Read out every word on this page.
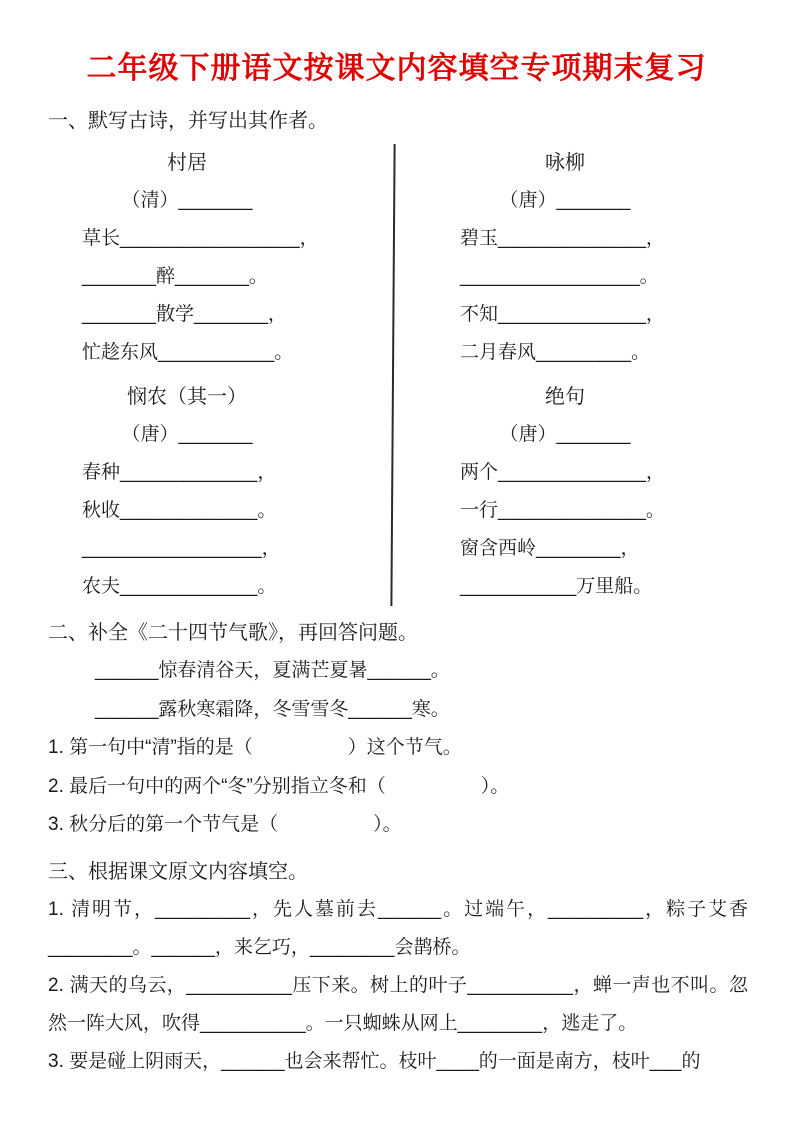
二年级下册语文按课文内容填空专项期末复习
一、默写古诗，并写出其作者。
村居
（清）_______
草长_________________，
_______醉_______。
_______散学_______，
忙趁东风___________。
悯农（其一）
（唐）_______
春种_____________，
秋收_____________。
_________________，
农夫_____________。
咏柳
（唐）_______
碧玉______________，
_________________。
不知______________，
二月春风_________。
绝句
（唐）_______
两个______________，
一行______________。
窗含西岭________，
___________万里船。
二、补全《二十四节气歌》，再回答问题。

______惊春清谷天，夏满芒夏暑______。

______露秋寒霜降，冬雪雪冬______寒。

1. 第一句中“清”指的是（　　　　　）这个节气。

2. 最后一句中的两个“冬”分别指立冬和（　　　　　）。

3. 秋分后的第一个节气是（　　　　　）。

三、根据课文原文内容填空。

1. 清明节，_________，先人墓前去______。过端午，_________，粽子艾香________。______，来乞巧，________会鹊桥。

2. 满天的乌云，__________压下来。树上的叶子__________，蝉一声也不叫。忽然一阵大风，吹得__________。一只蜘蛛从网上________，逃走了。

3. 要是碰上阴雨天，______也会来帮忙。枝叶____的一面是南方，枝叶___的
